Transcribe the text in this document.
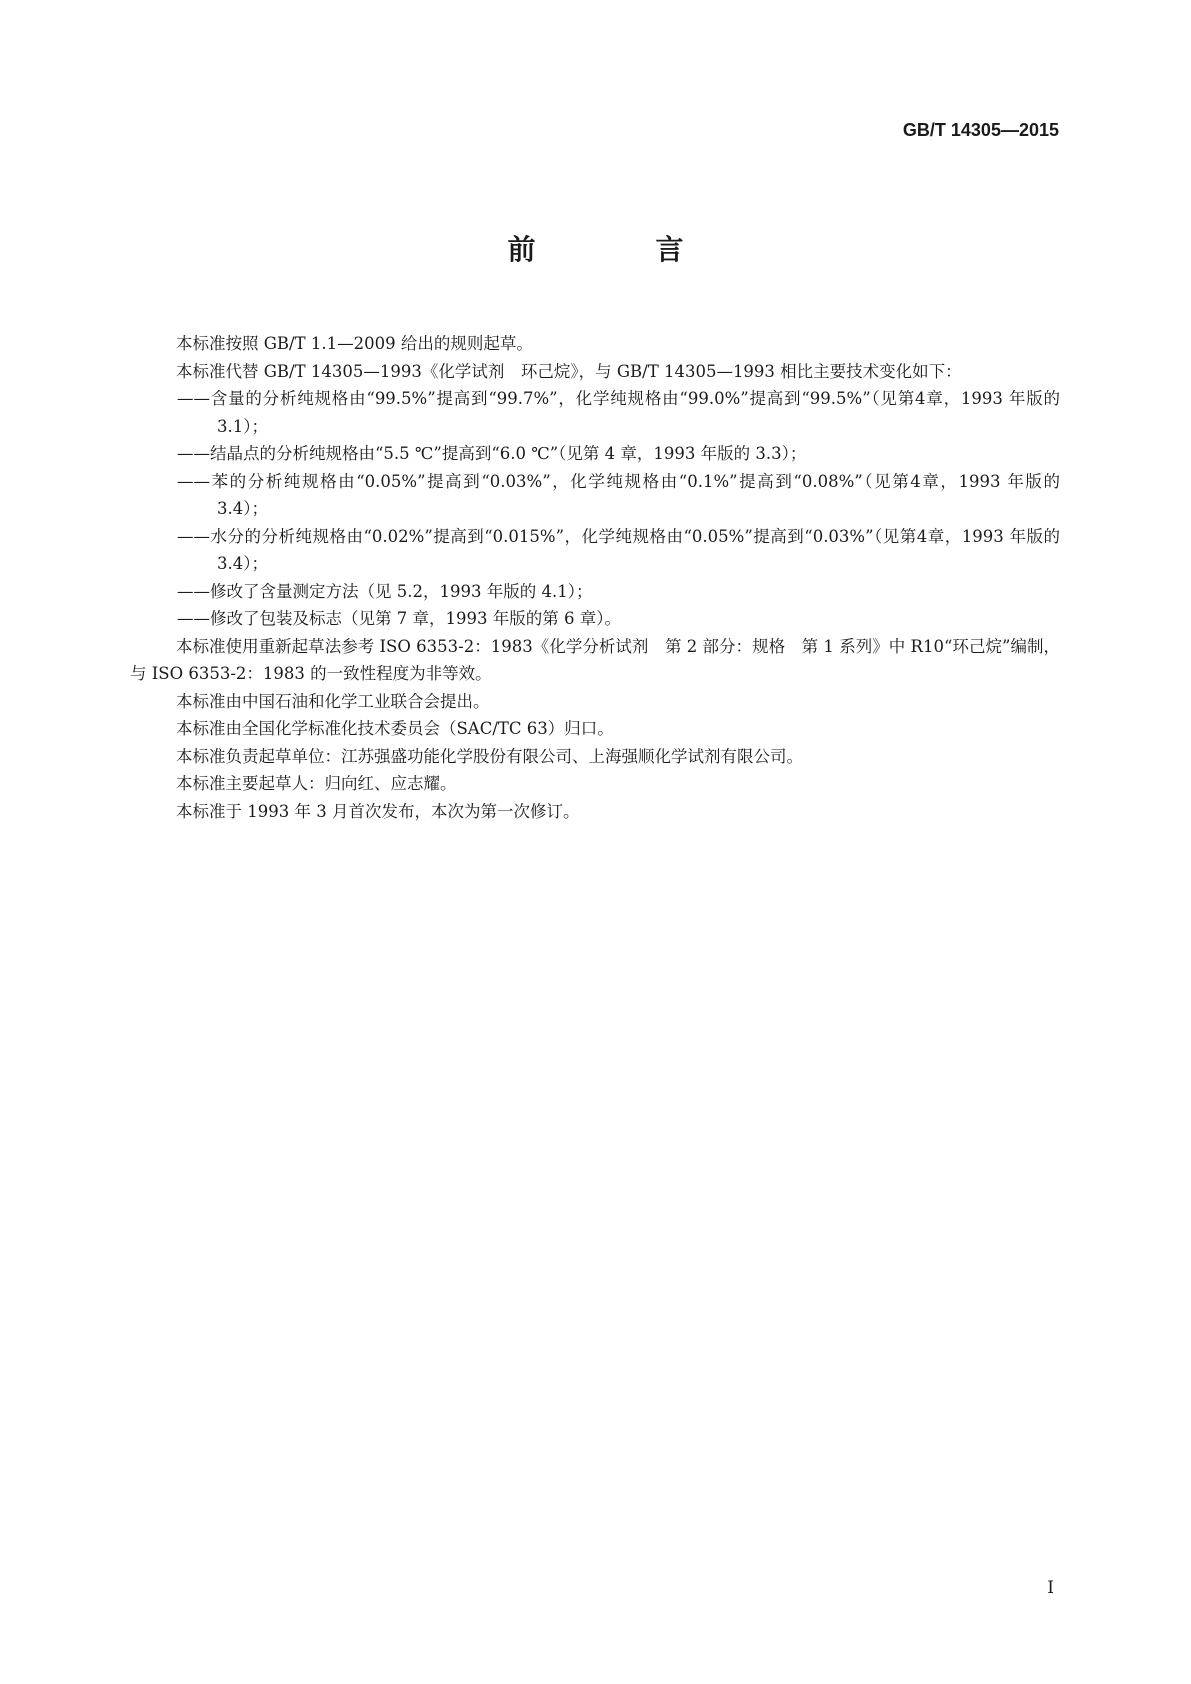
GB/T 14305—2015
前　言

本标准按照 GB/T 1.1—2009 给出的规则起草。

本标准代替 GB/T 14305—1993《化学试剂　环己烷》，与 GB/T 14305—1993 相比主要技术变化如下：

——含量的分析纯规格由“99.5%”提高到“99.7%”，化学纯规格由“99.0%”提高到“99.5%”（见第4章，1993 年版的 3.1）；

——结晶点的分析纯规格由“5.5 ℃”提高到“6.0 ℃”（见第 4 章，1993 年版的 3.3）；

——苯的分析纯规格由“0.05%”提高到“0.03%”，化学纯规格由“0.1%”提高到“0.08%”（见第4章，1993 年版的 3.4）；

——水分的分析纯规格由“0.02%”提高到“0.015%”，化学纯规格由“0.05%”提高到“0.03%”（见第4章，1993 年版的 3.4）；

——修改了含量测定方法（见 5.2，1993 年版的 4.1）；

——修改了包装及标志（见第 7 章，1993 年版的第 6 章）。

本标准使用重新起草法参考 ISO 6353-2：1983《化学分析试剂　第 2 部分：规格　第 1 系列》中 R10“环己烷”编制，与 ISO 6353-2：1983 的一致性程度为非等效。

本标准由中国石油和化学工业联合会提出。

本标准由全国化学标准化技术委员会（SAC/TC 63）归口。

本标准负责起草单位：江苏强盛功能化学股份有限公司、上海强顺化学试剂有限公司。

本标准主要起草人：归向红、应志耀。

本标准于 1993 年 3 月首次发布，本次为第一次修订。

I
